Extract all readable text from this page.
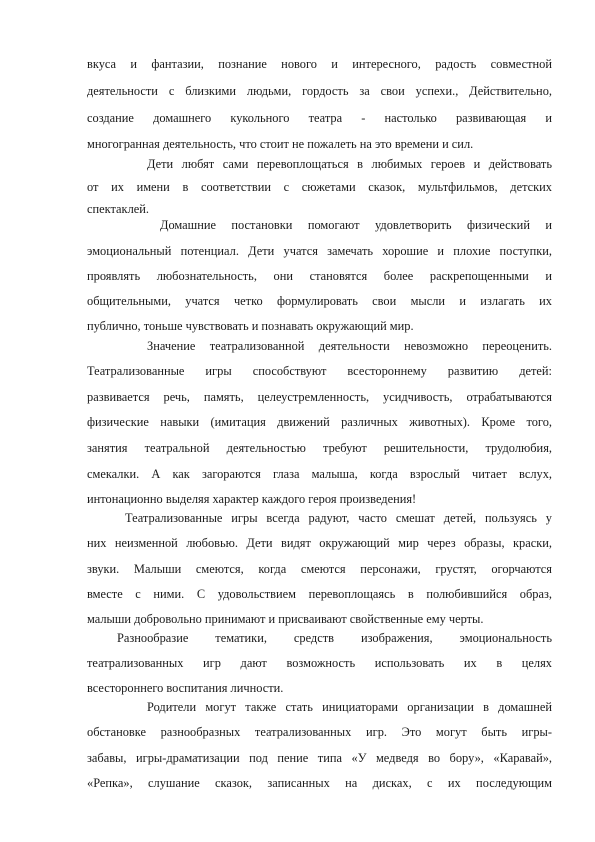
вкуса и фантазии, познание нового и интересного, радость совместной
деятельности с близкими людьми, гордость за свои успехи., Действительно,
создание домашнего кукольного театра - настолько развивающая и
многогранная деятельность, что стоит не пожалеть на это времени и сил.
Дети любят сами перевоплощаться в любимых героев и действовать
от их имени в соответствии с сюжетами сказок, мультфильмов, детских
спектаклей.
Домашние постановки помогают удовлетворить физический и
эмоциональный потенциал. Дети учатся замечать хорошие и плохие поступки,
проявлять любознательность, они становятся более раскрепощенными и
общительными, учатся четко формулировать свои мысли и излагать их
публично, тоньше чувствовать и познавать окружающий мир.
Значение театрализованной деятельности невозможно переоценить.
Театрализованные игры способствуют всестороннему развитию детей:
развивается речь, память, целеустремленность, усидчивость, отрабатываются
физические навыки (имитация движений различных животных). Кроме того,
занятия театральной деятельностью требуют решительности, трудолюбия,
смекалки. А как загораются глаза малыша, когда взрослый читает вслух,
интонационно выделяя характер каждого героя произведения!
Театрализованные игры всегда радуют, часто смешат детей, пользуясь у
них неизменной любовью. Дети видят окружающий мир через образы, краски,
звуки. Малыши смеются, когда смеются персонажи, грустят, огорчаются
вместе с ними. С удовольствием перевоплощаясь в полюбившийся образ,
малыши добровольно принимают и присваивают свойственные ему черты.
Разнообразие тематики, средств изображения, эмоциональность
театрализованных игр дают возможность использовать их в целях
всестороннего воспитания личности.
Родители могут также стать инициаторами организации в домашней
обстановке разнообразных театрализованных игр. Это могут быть игры-
забавы, игры-драматизации под пение типа «У медведя во бору», «Каравай»,
«Репка», слушание сказок, записанных на дисках, с их последующим
